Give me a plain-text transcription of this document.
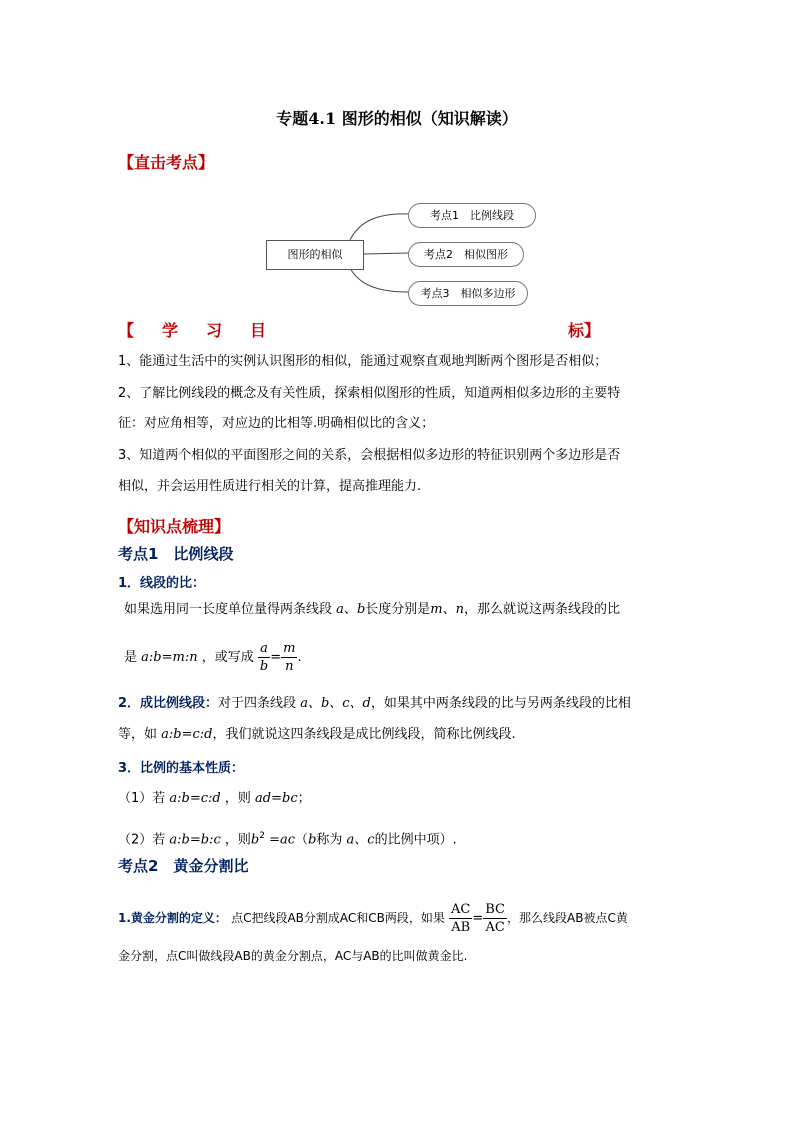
专题4.1 图形的相似（知识解读）
【直击考点】
图形的相似
考点1　比例线段
考点2　相似图形
考点3　相似多边形
【　学　习　目	标】
1、能通过生活中的实例认识图形的相似，能通过观察直观地判断两个图形是否相似；
2、了解比例线段的概念及有关性质，探索相似图形的性质，知道两相似多边形的主要特
征：对应角相等，对应边的比相等.明确相似比的含义；
3、知道两个相似的平面图形之间的关系，会根据相似多边形的特征识别两个多边形是否
相似，并会运用性质进行相关的计算，提高推理能力.
【知识点梳理】
考点1　比例线段
1．线段的比：
如果选用同一长度单位量得两条线段 a、b长度分别是m、n，那么就说这两条线段的比
是 a:b=m:n ，或写成 $\frac{a}{b} = \frac{m}{n}$ .
2．成比例线段：对于四条线段 a、b、c、d，如果其中两条线段的比与另两条线段的比相
等，如 a:b=c:d，我们就说这四条线段是成比例线段，简称比例线段.
3．比例的基本性质：
（1）若 a:b=c:d ，则 ad=bc；
（2）若 a:b=b:c ，则$b^2 =ac(b$称为 a、c的比例中项）.
考点2　黄金分割比
1.黄金分割的定义： 点C把线段AB分割成AC和CB两段，如果 $\frac{AC}{AB} = \frac{BC}{AC}$ ，那么线段AB被点C黄
金分割，点C叫做线段AB的黄金分割点，AC与AB的比叫做黄金比.
